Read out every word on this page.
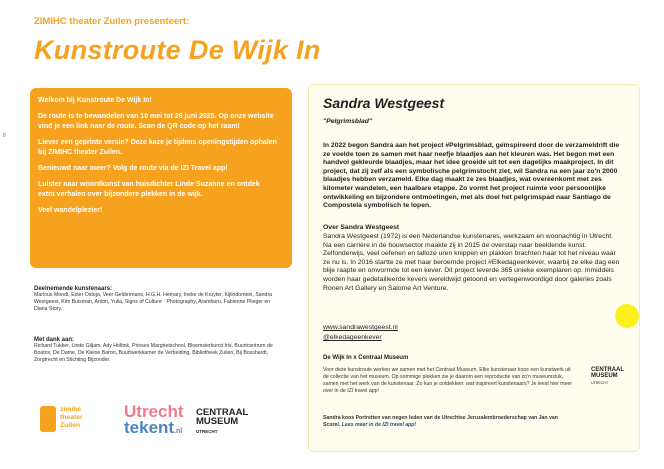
8
ZIMIHC theater Zuilen presenteert:
Kunstroute De Wijk In

Welkom bij Kunstroute De Wijk In!

De route is te bewandelen van 10 mei tot 26 juni 2025. Op onze website vind je een link naar de route. Scan de QR code op het raam!

Liever een geprinte versie? Deze kaze je tijdens openingstijden ophalen bij ZIMIHC theater Zuilen.

Benieuwd naar meer? Volg de route via de IZI Travel app!

Luister naar woordkunst van huisdichter Linde Suzanne en ontdek extra verhalen over bijzondere plekken in de wijk.

Veel wandelplezier!

Deelnemende kunstenaars:
Marious Mondt, Ester Ostoja, Veer Geldermans, H.G.H. Hemary, Ineke de Kruyter, Kijlindomein, Sandra Westgeest, Kim Buisman, Anton, Yulia, Signs of Culture · Photography, Aramburu, Fabienne Plieger en Diana Story.
Met dank aan:
Richard Tukker, Linde Giljam, Ady Holtink, Prinses Margrietschool, Bloemsierkunst Iris, Buurtcentrum de Boatrix, De Dame, De Kleine Baron, Buurtwerkkamer de Verbeiding, Bibliotheek Zuilen, Bij Bosshardt, Zorgtrecht en Stichting Bijzonder.
zimihc theater Zuilen
Utrecht
tekent.nl
CENTRAAL MUSEUM
UTRECHT
Sandra Westgeest
"Pelgrimsblad"
In 2022 begon Sandra aan het project #Pelgrimsblad, geïnspireerd door de verzameldrift die ze voelde toen ze samen met haar neefje blaadjes aan het kleuren was. Het begon met een handvol gekleurde blaadjes, maar het idee groeide uit tot een dagelijks maakproject. In dit project, dat zij zelf als een symbolische pelgrimstocht ziet, wil Sandra na een jaar zo'n 2000 blaadjes hebben verzameld. Elke dag maakt ze zes blaadjes, wat overeenkomt met zes kilometer wandelen, een haalbare etappe. Zo vormt het project ruimte voor persoonlijke ontwikkeling en bijzondere ontmoetingen, met als doel het pelgrimspad naar Santiago de Compostela symbolisch te lopen.
Over Sandra Westgeest
Sandra Westgeest (1972) is een Nederlandse kunstenares, werkzaam en woonachtig in Utrecht. Na een carrière in de bouwsector maakte zij in 2015 de overstap naar beeldende kunst. Zelfonderwijs, veel oefenen en talloze uren knippen en plakken brachten haar tot het niveau waar ze nu is. In 2016 startte ze met haar beroemde project #Elkedageenkever, waarbij ze elke dag een blije raapte en omvormde tot een kever. Dit project leverde 365 unieke exemplaren op. Inmiddels worden haar gedetailleerde kevers wereldwijd getoond en vertegenwoordigd door galeries zoals Ronen Art Gallery en Salome Art Venture.
www.sandrawestgeest.nl
@elkedageenkever
De Wijk In x Centraal Museum
Voor deze kunstroute werken we samen met het Centraal Museum. Elke kunstenaar koos een kunstwerk uit de collectie van het museum. Op sommige plekken zie je daarom een reproductie van zo'n museumstuk, samen met het werk van de kunstenaar. Zo kun je ontdekken: wat inspireert kunstenaars? Je leest hier meer over in de IZI travel app!
Sandra koos Portretten van negen leden van de Utrechtse Jeruzalembroederschap van Jan van Scorel. Lees meer in de IZI travel app!
CENTRAAL MUSEUM
UTRECHT
